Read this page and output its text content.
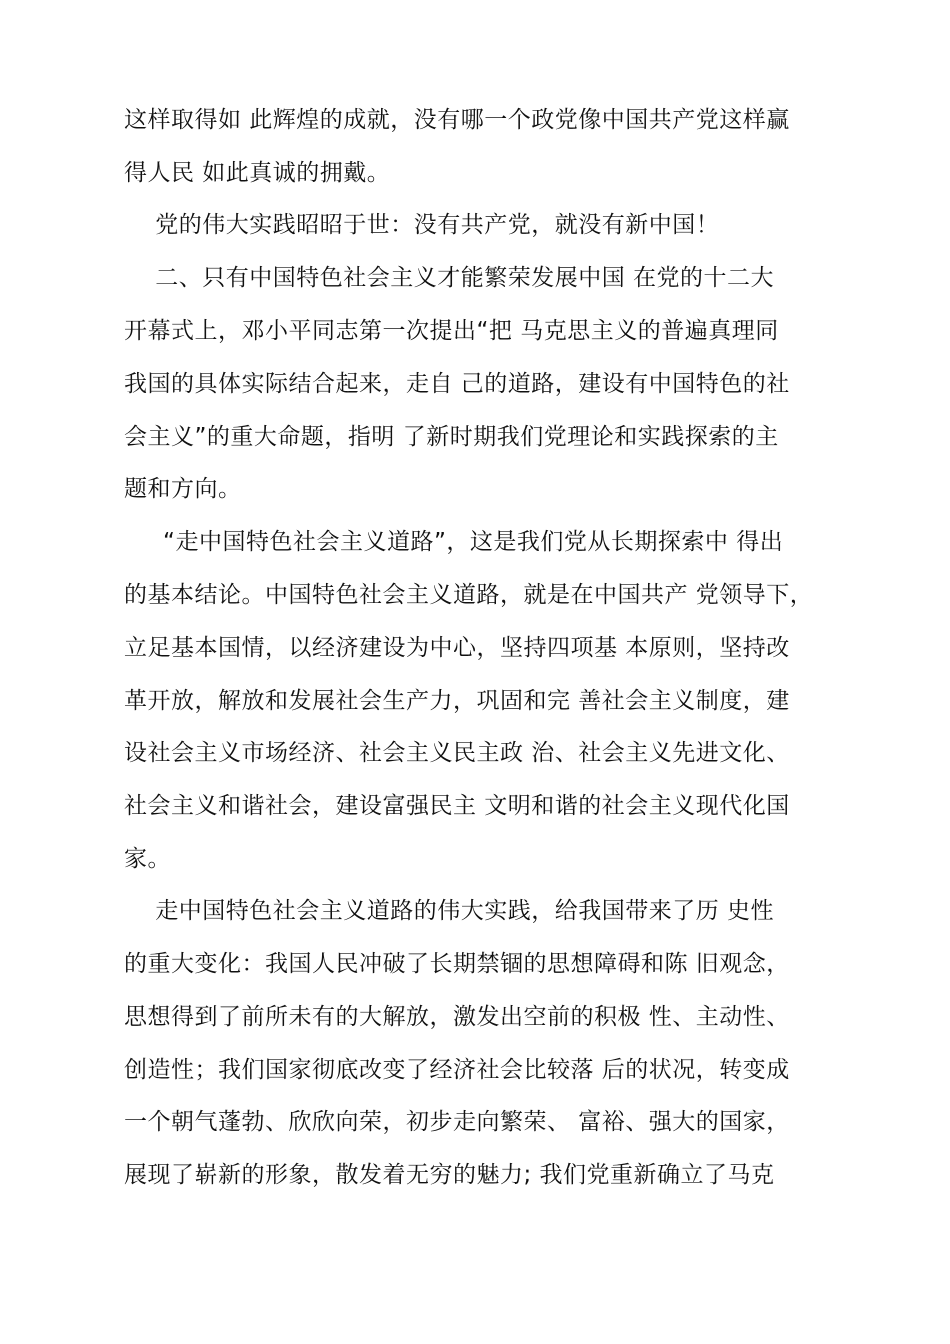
这样取得如 此辉煌的成就，没有哪一个政党像中国共产党这样赢
得人民 如此真诚的拥戴。
党的伟大实践昭昭于世：没有共产党，就没有新中国！
二、只有中国特色社会主义才能繁荣发展中国 在党的十二大
开幕式上，邓小平同志第一次提出“把 马克思主义的普遍真理同
我国的具体实际结合起来，走自 己的道路，建设有中国特色的社
会主义”的重大命题，指明 了新时期我们党理论和实践探索的主
题和方向。
“走中国特色社会主义道路”，这是我们党从长期探索中 得出
的基本结论。中国特色社会主义道路，就是在中国共产 党领导下，
立足基本国情，以经济建设为中心，坚持四项基 本原则，坚持改
革开放，解放和发展社会生产力，巩固和完 善社会主义制度，建
设社会主义市场经济、社会主义民主政 治、社会主义先进文化、
社会主义和谐社会，建设富强民主 文明和谐的社会主义现代化国
家。
走中国特色社会主义道路的伟大实践，给我国带来了历 史性
的重大变化：我国人民冲破了长期禁锢的思想障碍和陈 旧观念，
思想得到了前所未有的大解放，激发出空前的积极 性、主动性、
创造性；我们国家彻底改变了经济社会比较落 后的状况，转变成
一个朝气蓬勃、欣欣向荣，初步走向繁荣、 富裕、强大的国家，
展现了崭新的形象，散发着无穷的魅力; 我们党重新确立了马克
